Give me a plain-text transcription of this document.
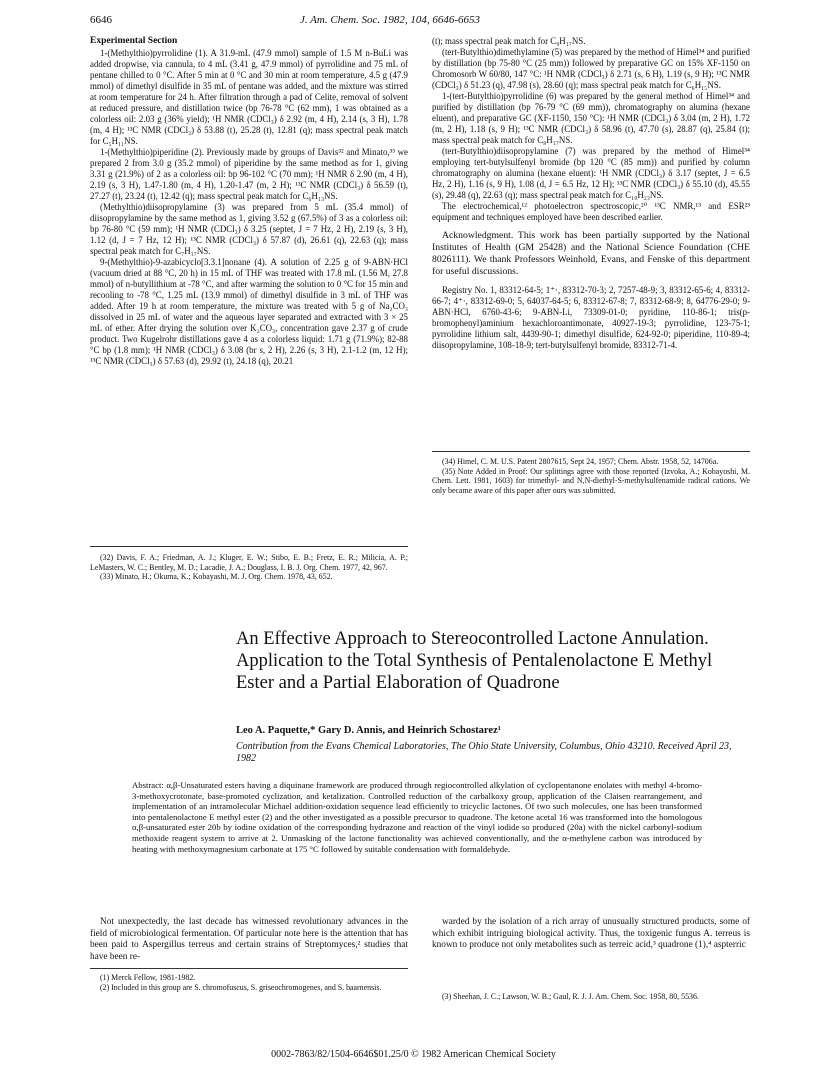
6646	J. Am. Chem. Soc. 1982, 104, 6646-6653

Experimental Section

1-(Methylthio)pyrrolidine (1). A 31.9-mL (47.9 mmol) sample of 1.5 M n-BuLi was added dropwise, via cannula, to 4 mL (3.41 g, 47.9 mmol) of pyrrolidine and 75 mL of pentane chilled to 0 °C. After 5 min at 0 °C and 30 min at room temperature, 4.5 g (47.9 mmol) of dimethyl disulfide in 35 mL of pentane was added, and the mixture was stirred at room temperature for 24 h. After filtration through a pad of Celite, removal of solvent at reduced pressure, and distillation twice (bp 76-78 °C (62 mm), 1 was obtained as a colorless oil: 2.03 g (36% yield); ¹H NMR (CDCl₃) δ 2.92 (m, 4 H), 2.14 (s, 3 H), 1.78 (m, 4 H); ¹³C NMR (CDCl₃) δ 53.88 (t), 25.28 (t), 12.81 (q); mass spectral peak match for C₅H₁₁NS.

1-(Methylthio)piperidine (2). Previously made by groups of Davis³² and Minato,³³ we prepared 2 from 3.0 g (35.2 mmol) of piperidine by the same method as for 1, giving 3.31 g (21.9%) of 2 as a colorless oil: bp 96-102 °C (70 mm); ¹H NMR δ 2.90 (m, 4 H), 2.19 (s, 3 H), 1.47-1.80 (m, 4 H), 1.20-1.47 (m, 2 H); ¹³C NMR (CDCl₃) δ 56.59 (t), 27.27 (t), 23.24 (t), 12.42 (q); mass spectral peak match for C₆H₁₃NS.

(Methylthio)diisopropylamine (3) was prepared from 5 mL (35.4 mmol) of diisopropylamine by the same method as 1, giving 3.52 g (67.5%) of 3 as a colorless oil: bp 76-80 °C (59 mm); ¹H NMR (CDCl₃) δ 3.25 (septet, J = 7 Hz, 2 H), 2.19 (s, 3 H), 1.12 (d, J = 7 Hz, 12 H); ¹³C NMR (CDCl₃) δ 57.87 (d), 26.61 (q), 22.63 (q); mass spectral peak match for C₇H₁₇NS.

9-(Methylthio)-9-azabicyclo[3.3.1]nonane (4). A solution of 2.25 g of 9-ABN·HCl (vacuum dried at 88 °C, 20 h) in 15 mL of THF was treated with 17.8 mL (1.56 M, 27.8 mmol) of n-butyllithium at -78 °C, and after warming the solution to 0 °C for 15 min and recooling to -78 °C, 1.25 mL (13.9 mmol) of dimethyl disulfide in 3 mL of THF was added. After 19 h at room temperature, the mixture was treated with 5 g of Na₂CO₃ dissolved in 25 mL of water and the aqueous layer separated and extracted with 3 × 25 mL of ether. After drying the solution over K₂CO₃, concentration gave 2.37 g of crude product. Two Kugelrohr distillations gave 4 as a colorless liquid: 1.71 g (71.9%); 82-88 °C bp (1.8 mm); ¹H NMR (CDCl₃) δ 3.08 (br s, 2 H), 2.26 (s, 3 H), 2.1-1.2 (m, 12 H); ¹³C NMR (CDCl₃) δ 57.63 (d), 29.92 (t), 24.18 (q), 20.21

(32) Davis, F. A.; Friedman, A. J.; Kluger, E. W.; Stibo, E. B.; Fretz, E. R.; Milicia, A. P.; LeMasters, W. C.; Bentley, M. D.; Lacadie, J. A.; Douglass, I. B. J. Org. Chem. 1977, 42, 967.

(33) Minato, H.; Okuma, K.; Kobayashi, M. J. Org. Chem. 1978, 43, 652.

(t); mass spectral peak match for C₉H₁₇NS.

(tert-Butylthio)dimethylamine (5) was prepared by the method of Himel³⁴ and purified by distillation (bp 75-80 °C (25 mm)) followed by preparative GC on 15% XF-1150 on Chromosorb W 60/80, 147 °C: ¹H NMR (CDCl₃) δ 2.71 (s, 6 H), 1.19 (s, 9 H); ¹³C NMR (CDCl₃) δ 51.23 (q), 47.98 (s), 28.60 (q); mass spectral peak match for C₆H₁₅NS.

1-(tert-Butylthio)pyrrolidine (6) was prepared by the general method of Himel³⁴ and purified by distillation (bp 76-79 °C (69 mm)), chromatography on alumina (hexane eluent), and preparative GC (XF-1150, 150 °C): ¹H NMR (CDCl₃) δ 3.04 (m, 2 H), 1.72 (m, 2 H), 1.18 (s, 9 H); ¹³C NMR (CDCl₃) δ 58.96 (t), 47.70 (s), 28.87 (q), 25.84 (t); mass spectral peak match for C₈H₁₇NS.

(tert-Butylthio)diisopropylamine (7) was prepared by the method of Himel³⁴ employing tert-butylsulfenyl bromide (bp 120 °C (85 mm)) and purified by column chromatography on alumina (hexane eluent): ¹H NMR (CDCl₃) δ 3.17 (septet, J = 6.5 Hz, 2 H), 1.16 (s, 9 H), 1.08 (d, J = 6.5 Hz, 12 H); ¹³C NMR (CDCl₃) δ 55.10 (d), 45.55 (s), 29.48 (q), 22.63 (q); mass spectral peak match for C₁₀H₂₃NS.

The electrochemical,¹² photoelectron spectroscopic,²⁰ ¹³C NMR,¹³ and ESR²³ equipment and techniques employed have been described earlier.

Acknowledgment. This work has been partially supported by the National Institutes of Health (GM 25428) and the National Science Foundation (CHE 8026111). We thank Professors Weinhold, Evans, and Fenske of this department for useful discussions.

Registry No. 1, 83312-64-5; 1⁺·, 83312-70-3; 2, 7257-48-9; 3, 83312-65-6; 4, 83312-66-7; 4⁺·, 83312-69-0; 5, 64037-64-5; 6, 83312-67-8; 7, 83312-68-9; 8, 64776-29-0; 9-ABN·HCl, 6760-43-6; 9-ABN-Li, 73309-01-0; pyridine, 110-86-1; tris(p-bromophenyl)aminium hexachloroantimonate, 40927-19-3; pyrrolidine, 123-75-1; pyrrolidine lithium salt, 4439-90-1; dimethyl disulfide, 624-92-0; piperidine, 110-89-4; diisopropylamine, 108-18-9; tert-butylsulfenyl bromide, 83312-71-4.

(34) Himel, C. M. U.S. Patent 2807615, Sept 24, 1957; Chem. Abstr. 1958, 52, 14706a.

(35) Note Added in Proof: Our splittings agree with those reported (Izvoka, A.; Kobayoshi, M. Chem. Lett. 1981, 1603) for trimethyl- and N,N-diethyl-S-methylsulfenamide radical cations. We only became aware of this paper after ours was submitted.

An Effective Approach to Stereocontrolled Lactone Annulation. Application to the Total Synthesis of Pentalenolactone E Methyl Ester and a Partial Elaboration of Quadrone
Leo A. Paquette,* Gary D. Annis, and Heinrich Schostarez¹
Contribution from the Evans Chemical Laboratories, The Ohio State University, Columbus, Ohio 43210. Received April 23, 1982
Abstract: α,β-Unsaturated esters having a diquinane framework are produced through regiocontrolled alkylation of cyclopentanone enolates with methyl 4-bromo-3-methoxycrotonate, base-promoted cyclization, and ketalization. Controlled reduction of the carbalkoxy group, application of the Claisen rearrangement, and implementation of an intramolecular Michael addition-oxidation sequence lead efficiently to tricyclic lactones. Of two such molecules, one has been transformed into pentalenolactone E methyl ester (2) and the other investigated as a possible precursor to quadrone. The ketone acetal 16 was transformed into the homologous α,β-unsaturated ester 20b by iodine oxidation of the corresponding hydrazone and reaction of the vinyl iodide so produced (20a) with the nickel carbonyl-sodium methoxide reagent system to arrive at 2. Unmasking of the lactone functionality was achieved conventionally, and the α-methylene carbon was introduced by heating with methoxymagnesium carbonate at 175 °C followed by suitable condensation with formaldehyde.

Not unexpectedly, the last decade has witnessed revolutionary advances in the field of microbiological fermentation. Of particular note here is the attention that has been paid to Aspergillus terreus and certain strains of Streptomyces,² studies that have been re-

warded by the isolation of a rich array of unusually structured products, some of which exhibit intriguing biological activity. Thus, the toxigenic fungus A. terreus is known to produce not only metabolites such as terreic acid,³ quadrone (1),⁴ aspterric

(1) Merck Fellow, 1981-1982.

(2) Included in this group are S. chromofuscus, S. griseochromogenes, and S. baarnensis.

(3) Sheehan, J. C.; Lawson, W. B.; Gaul, R. J. J. Am. Chem. Soc. 1958, 80, 5536.

0002-7863/82/1504-6646$01.25/0 © 1982 American Chemical Society
